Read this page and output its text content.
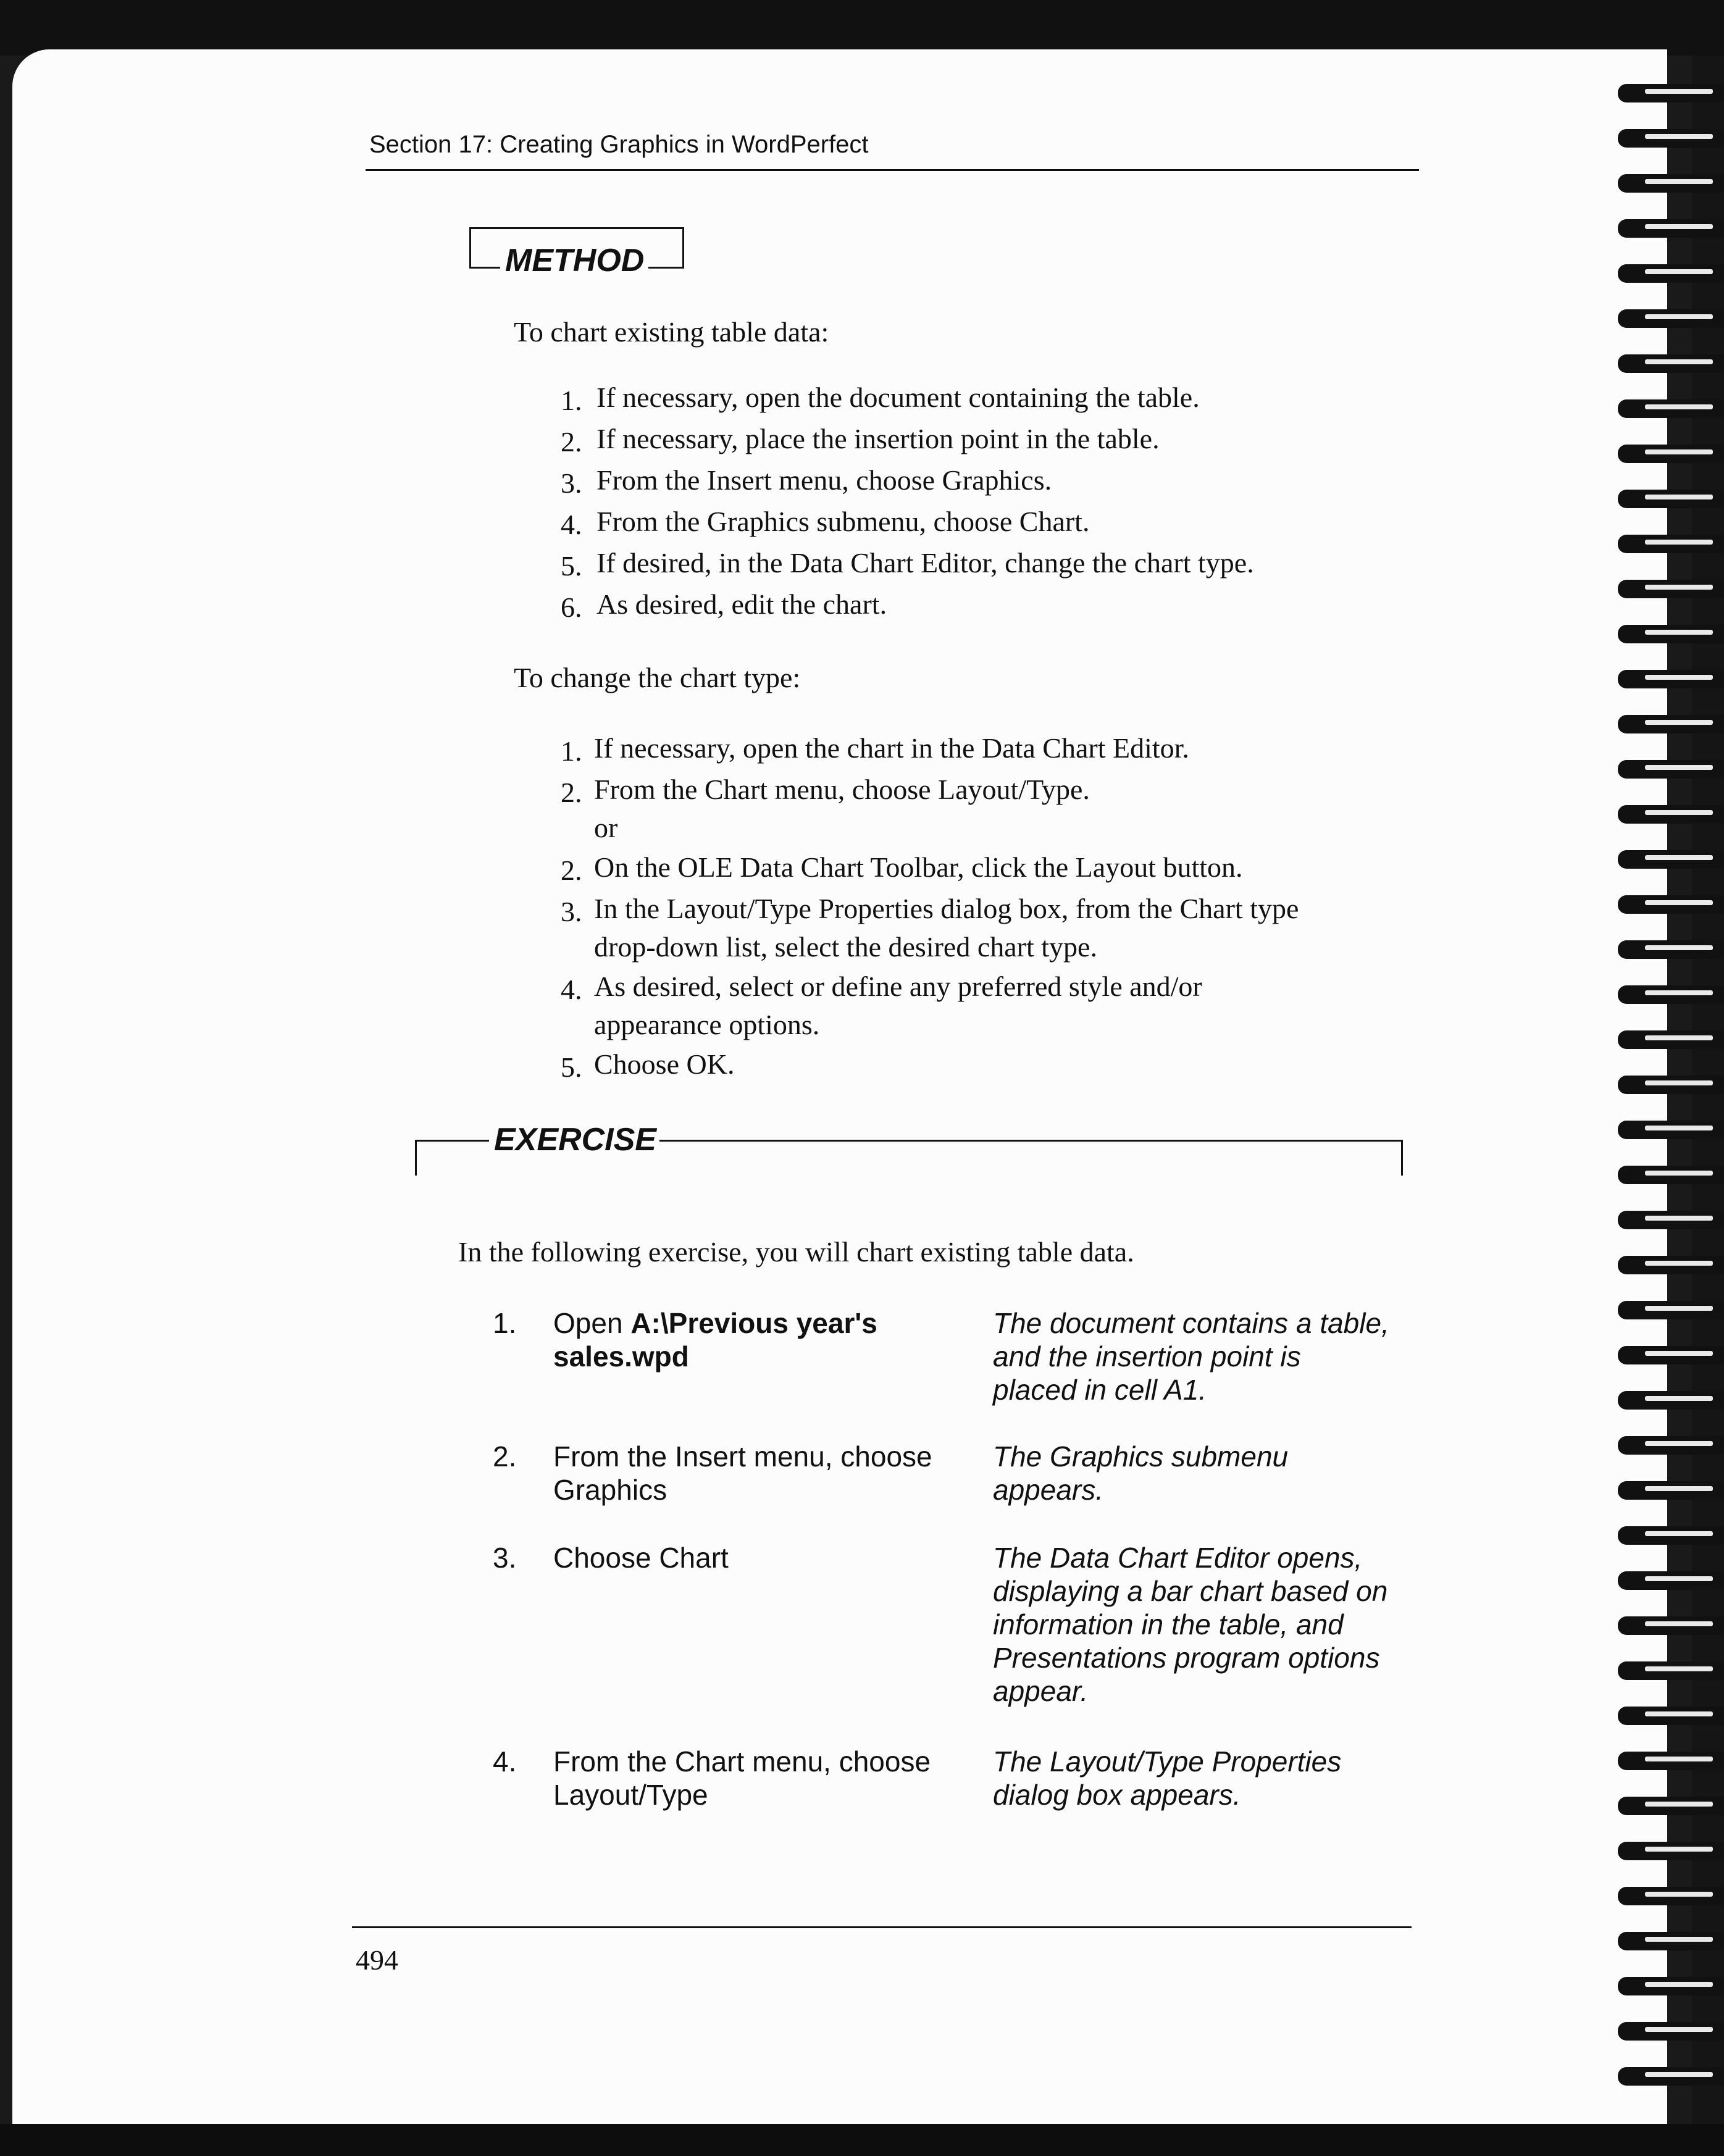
Section 17: Creating Graphics in WordPerfect
METHOD
To chart existing table data:
1. If necessary, open the document containing the table.
2. If necessary, place the insertion point in the table.
3. From the Insert menu, choose Graphics.
4. From the Graphics submenu, choose Chart.
5. If desired, in the Data Chart Editor, change the chart type.
6. As desired, edit the chart.
To change the chart type:
1. If necessary, open the chart in the Data Chart Editor.
2. From the Chart menu, choose Layout/Type.
or
2. On the OLE Data Chart Toolbar, click the Layout button.
3. In the Layout/Type Properties dialog box, from the Chart type
drop-down list, select the desired chart type.
4. As desired, select or define any preferred style and/or
appearance options.
5. Choose OK.
EXERCISE
In the following exercise, you will chart existing table data.
1. Open A:\Previous year's
sales.wpd
The document contains a table,
and the insertion point is
placed in cell A1.
2. From the Insert menu, choose
Graphics
The Graphics submenu
appears.
3. Choose Chart	The Data Chart Editor opens,
displaying a bar chart based on
information in the table, and
Presentations program options
appear.
4. From the Chart menu, choose
Layout/Type
The Layout/Type Properties
dialog box appears.
494
